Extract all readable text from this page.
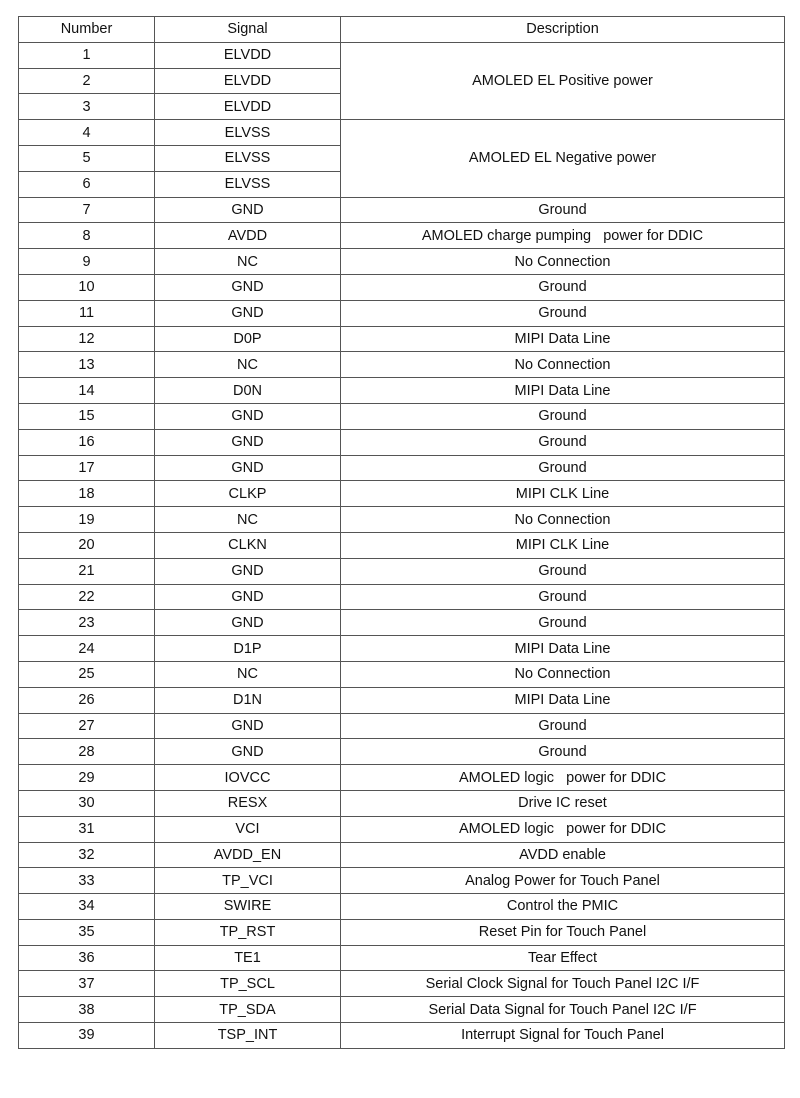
Number	Signal	Description
1	ELVDD	AMOLED EL Positive power
2	ELVDD	
3	ELVDD	
4	ELVSS	AMOLED EL Negative power
5	ELVSS	
6	ELVSS	
7	GND	Ground
8	AVDD	AMOLED charge pumping   power for DDIC
9	NC	No Connection
10	GND	Ground
11	GND	Ground
12	D0P	MIPI Data Line
13	NC	No Connection
14	D0N	MIPI Data Line
15	GND	Ground
16	GND	Ground
17	GND	Ground
18	CLKP	MIPI CLK Line
19	NC	No Connection
20	CLKN	MIPI CLK Line
21	GND	Ground
22	GND	Ground
23	GND	Ground
24	D1P	MIPI Data Line
25	NC	No Connection
26	D1N	MIPI Data Line
27	GND	Ground
28	GND	Ground
29	IOVCC	AMOLED logic   power for DDIC
30	RESX	Drive IC reset
31	VCI	AMOLED logic   power for DDIC
32	AVDD_EN	AVDD enable
33	TP_VCI	Analog Power for Touch Panel
34	SWIRE	Control the PMIC
35	TP_RST	Reset Pin for Touch Panel
36	TE1	Tear Effect
37	TP_SCL	Serial Clock Signal for Touch Panel I2C I/F
38	TP_SDA	Serial Data Signal for Touch Panel I2C I/F
39	TSP_INT	Interrupt Signal for Touch Panel
